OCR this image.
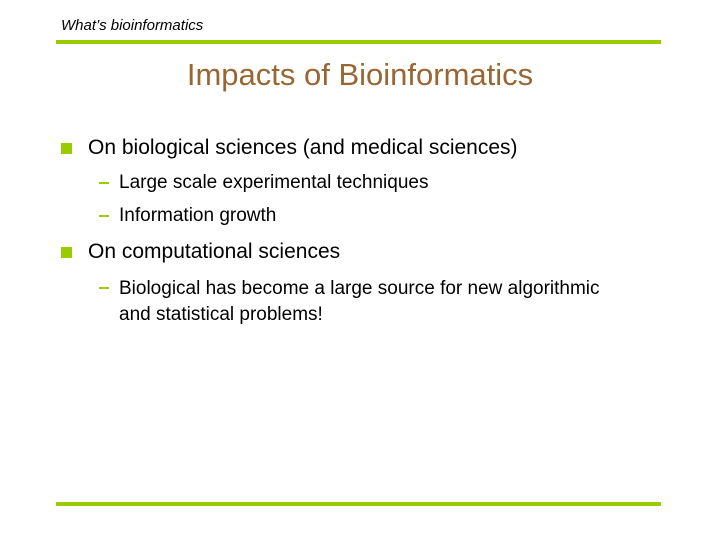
What’s bioinformatics
Impacts of Bioinformatics
On biological sciences (and medical sciences)
Large scale experimental techniques
Information growth
On computational sciences
Biological has become a large source for new algorithmic and statistical problems!
